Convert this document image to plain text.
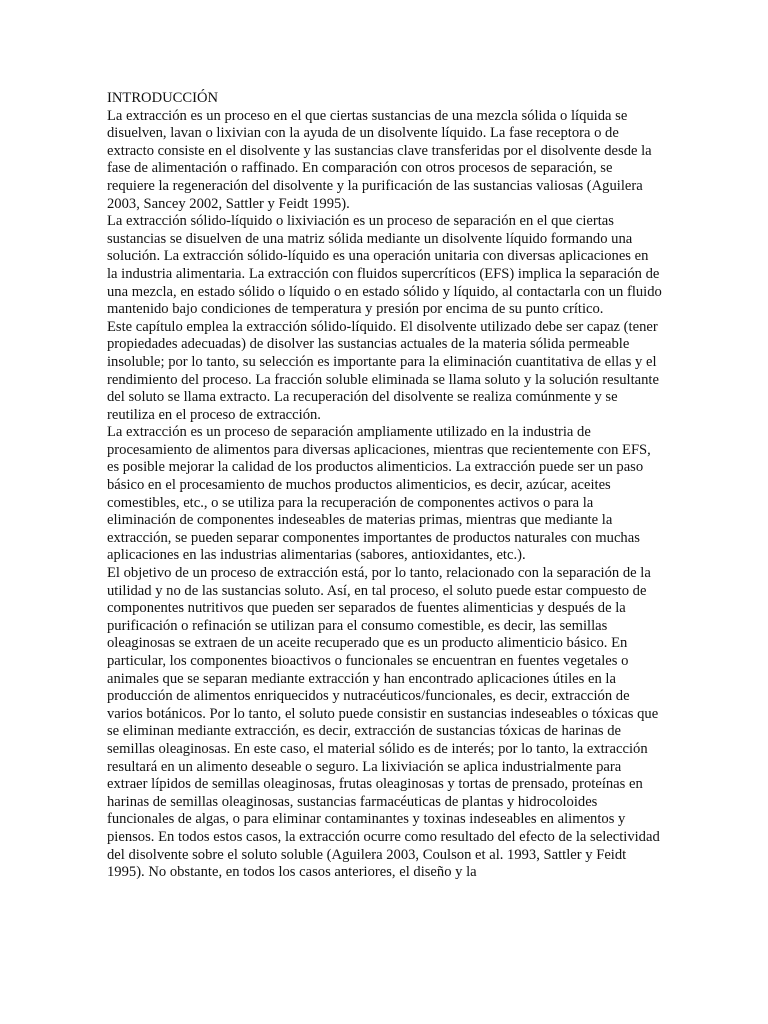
INTRODUCCIÓN

La extracción es un proceso en el que ciertas sustancias de una mezcla sólida o líquida se disuelven, lavan o lixivian con la ayuda de un disolvente líquido. La fase receptora o de extracto consiste en el disolvente y las sustancias clave transferidas por el disolvente desde la fase de alimentación o raffinado. En comparación con otros procesos de separación, se requiere la regeneración del disolvente y la purificación de las sustancias valiosas (Aguilera 2003, Sancey 2002, Sattler y Feidt 1995).

La extracción sólido-líquido o lixiviación es un proceso de separación en el que ciertas sustancias se disuelven de una matriz sólida mediante un disolvente líquido formando una solución. La extracción sólido-líquido es una operación unitaria con diversas aplicaciones en la industria alimentaria. La extracción con fluidos supercríticos (EFS) implica la separación de una mezcla, en estado sólido o líquido o en estado sólido y líquido, al contactarla con un fluido mantenido bajo condiciones de temperatura y presión por encima de su punto crítico.

Este capítulo emplea la extracción sólido-líquido. El disolvente utilizado debe ser capaz (tener propiedades adecuadas) de disolver las sustancias actuales de la materia sólida permeable insoluble; por lo tanto, su selección es importante para la eliminación cuantitativa de ellas y el rendimiento del proceso. La fracción soluble eliminada se llama soluto y la solución resultante del soluto se llama extracto. La recuperación del disolvente se realiza comúnmente y se reutiliza en el proceso de extracción.

La extracción es un proceso de separación ampliamente utilizado en la industria de procesamiento de alimentos para diversas aplicaciones, mientras que recientemente con EFS, es posible mejorar la calidad de los productos alimenticios. La extracción puede ser un paso básico en el procesamiento de muchos productos alimenticios, es decir, azúcar, aceites comestibles, etc., o se utiliza para la recuperación de componentes activos o para la eliminación de componentes indeseables de materias primas, mientras que mediante la extracción, se pueden separar componentes importantes de productos naturales con muchas aplicaciones en las industrias alimentarias (sabores, antioxidantes, etc.).

El objetivo de un proceso de extracción está, por lo tanto, relacionado con la separación de la utilidad y no de las sustancias soluto. Así, en tal proceso, el soluto puede estar compuesto de componentes nutritivos que pueden ser separados de fuentes alimenticias y después de la purificación o refinación se utilizan para el consumo comestible, es decir, las semillas oleaginosas se extraen de un aceite recuperado que es un producto alimenticio básico. En particular, los componentes bioactivos o funcionales se encuentran en fuentes vegetales o animales que se separan mediante extracción y han encontrado aplicaciones útiles en la producción de alimentos enriquecidos y nutracéuticos/funcionales, es decir, extracción de varios botánicos. Por lo tanto, el soluto puede consistir en sustancias indeseables o tóxicas que se eliminan mediante extracción, es decir, extracción de sustancias tóxicas de harinas de semillas oleaginosas. En este caso, el material sólido es de interés; por lo tanto, la extracción resultará en un alimento deseable o seguro. La lixiviación se aplica industrialmente para extraer lípidos de semillas oleaginosas, frutas oleaginosas y tortas de prensado, proteínas en harinas de semillas oleaginosas, sustancias farmacéuticas de plantas y hidrocoloides funcionales de algas, o para eliminar contaminantes y toxinas indeseables en alimentos y piensos. En todos estos casos, la extracción ocurre como resultado del efecto de la selectividad del disolvente sobre el soluto soluble (Aguilera 2003, Coulson et al. 1993, Sattler y Feidt 1995). No obstante, en todos los casos anteriores, el diseño y la
